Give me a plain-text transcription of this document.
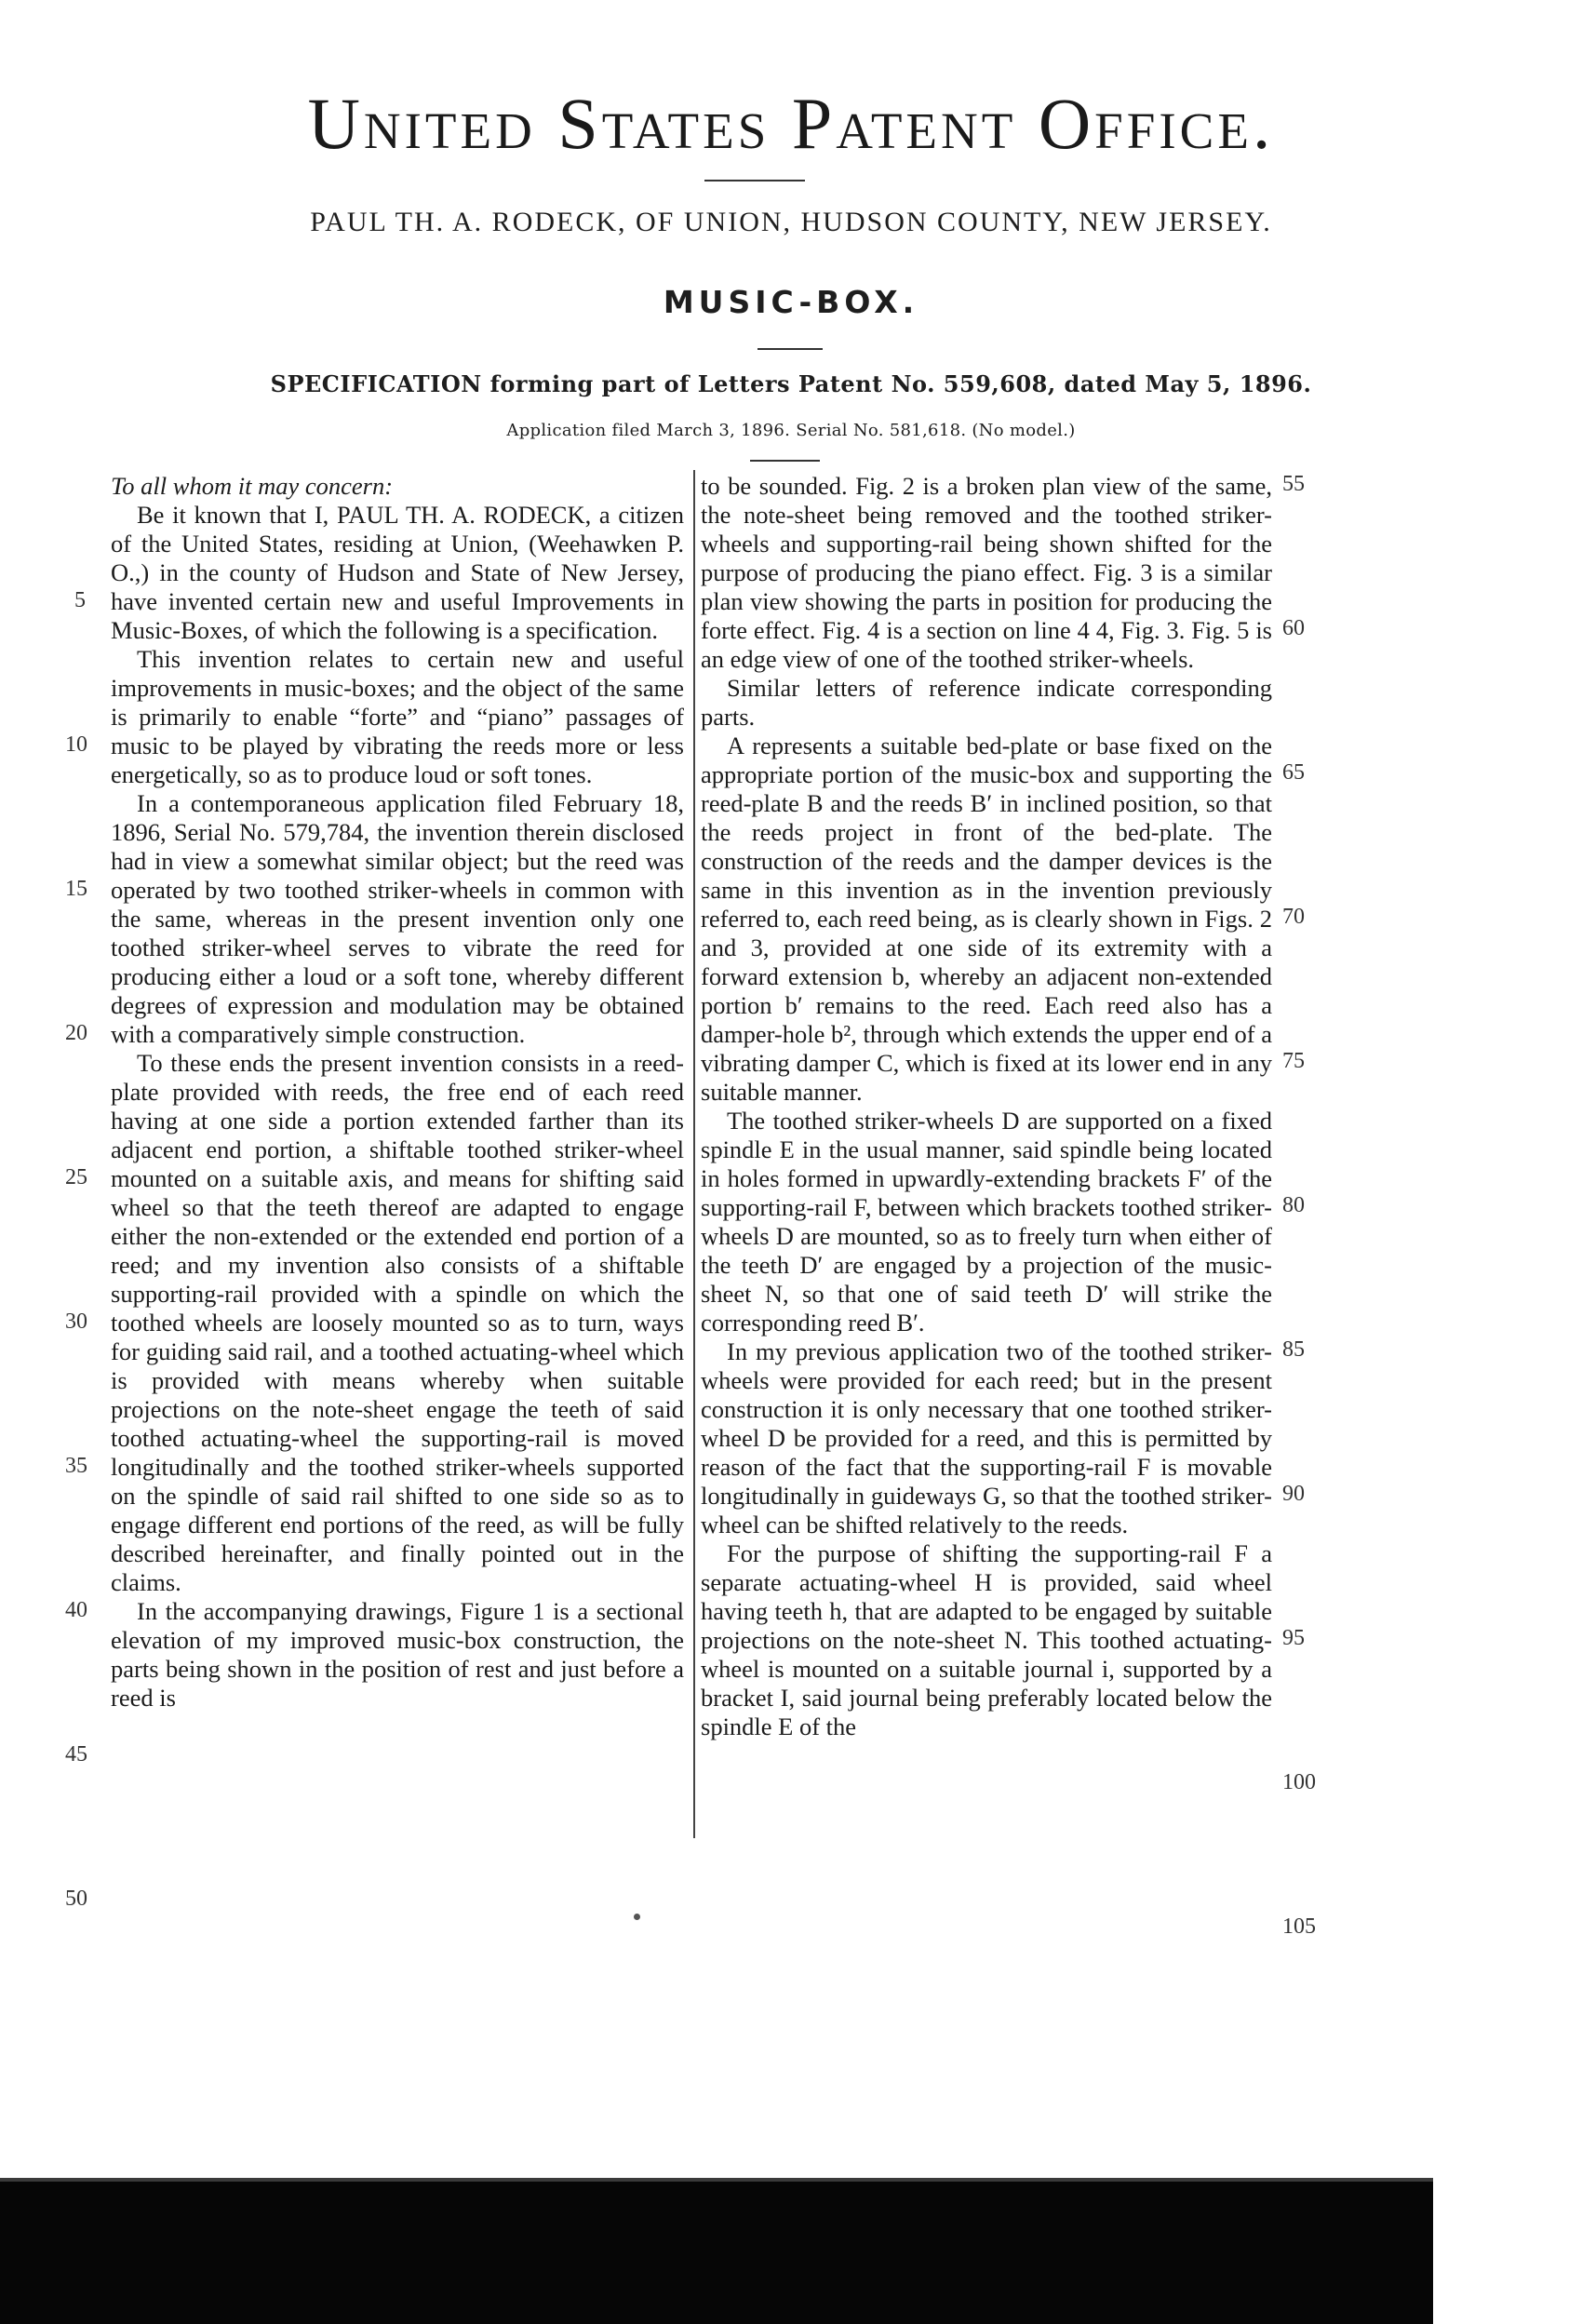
United States Patent Office.
PAUL TH. A. RODECK, OF UNION, HUDSON COUNTY, NEW JERSEY.
MUSIC-BOX.
SPECIFICATION forming part of Letters Patent No. 559,608, dated May 5, 1896.
Application filed March 3, 1896. Serial No. 581,618. (No model.)

To all whom it may concern:

Be it known that I, PAUL TH. A. RODECK, a citizen of the United States, residing at Union, (Weehawken P. O.,) in the county of Hudson and State of New Jersey, have invented certain new and useful Improvements in Music-Boxes, of which the following is a specification.

This invention relates to certain new and useful improvements in music-boxes; and the object of the same is primarily to enable “forte” and “piano” passages of music to be played by vibrating the reeds more or less energetically, so as to produce loud or soft tones.

In a contemporaneous application filed February 18, 1896, Serial No. 579,784, the invention therein disclosed had in view a somewhat similar object; but the reed was operated by two toothed striker-wheels in common with the same, whereas in the present invention only one toothed striker-wheel serves to vibrate the reed for producing either a loud or a soft tone, whereby different degrees of expression and modulation may be obtained with a comparatively simple construction.

To these ends the present invention consists in a reed-plate provided with reeds, the free end of each reed having at one side a portion extended farther than its adjacent end portion, a shiftable toothed striker-wheel mounted on a suitable axis, and means for shifting said wheel so that the teeth thereof are adapted to engage either the non-extended or the extended end portion of a reed; and my invention also consists of a shiftable supporting-rail provided with a spindle on which the toothed wheels are loosely mounted so as to turn, ways for guiding said rail, and a toothed actuating-wheel which is provided with means whereby when suitable projections on the note-sheet engage the teeth of said toothed actuating-wheel the supporting-rail is moved longitudinally and the toothed striker-wheels supported on the spindle of said rail shifted to one side so as to engage different end portions of the reed, as will be fully described hereinafter, and finally pointed out in the claims.

In the accompanying drawings, Figure 1 is a sectional elevation of my improved music-box construction, the parts being shown in the position of rest and just before a reed is

to be sounded. Fig. 2 is a broken plan view of the same, the note-sheet being removed and the toothed striker-wheels and supporting-rail being shown shifted for the purpose of producing the piano effect. Fig. 3 is a similar plan view showing the parts in position for producing the forte effect. Fig. 4 is a section on line 4 4, Fig. 3. Fig. 5 is an edge view of one of the toothed striker-wheels.

Similar letters of reference indicate corresponding parts.

A represents a suitable bed-plate or base fixed on the appropriate portion of the music-box and supporting the reed-plate B and the reeds B′ in inclined position, so that the reeds project in front of the bed-plate. The construction of the reeds and the damper devices is the same in this invention as in the invention previously referred to, each reed being, as is clearly shown in Figs. 2 and 3, provided at one side of its extremity with a forward extension b, whereby an adjacent non-extended portion b′ remains to the reed. Each reed also has a damper-hole b², through which extends the upper end of a vibrating damper C, which is fixed at its lower end in any suitable manner.

The toothed striker-wheels D are supported on a fixed spindle E in the usual manner, said spindle being located in holes formed in upwardly-extending brackets F′ of the supporting-rail F, between which brackets toothed striker-wheels D are mounted, so as to freely turn when either of the teeth D′ are engaged by a projection of the music-sheet N, so that one of said teeth D′ will strike the corresponding reed B′.

In my previous application two of the toothed striker-wheels were provided for each reed; but in the present construction it is only necessary that one toothed striker-wheel D be provided for a reed, and this is permitted by reason of the fact that the supporting-rail F is movable longitudinally in guideways G, so that the toothed striker-wheel can be shifted relatively to the reeds.

For the purpose of shifting the supporting-rail F a separate actuating-wheel H is provided, said wheel having teeth h, that are adapted to be engaged by suitable projections on the note-sheet N. This toothed actuating-wheel is mounted on a suitable journal i, supported by a bracket I, said journal being preferably located below the spindle E of the

5
10
15
20
25
30
35
40
45
50
55
60
65
70
75
80
85
90
95
100
105
